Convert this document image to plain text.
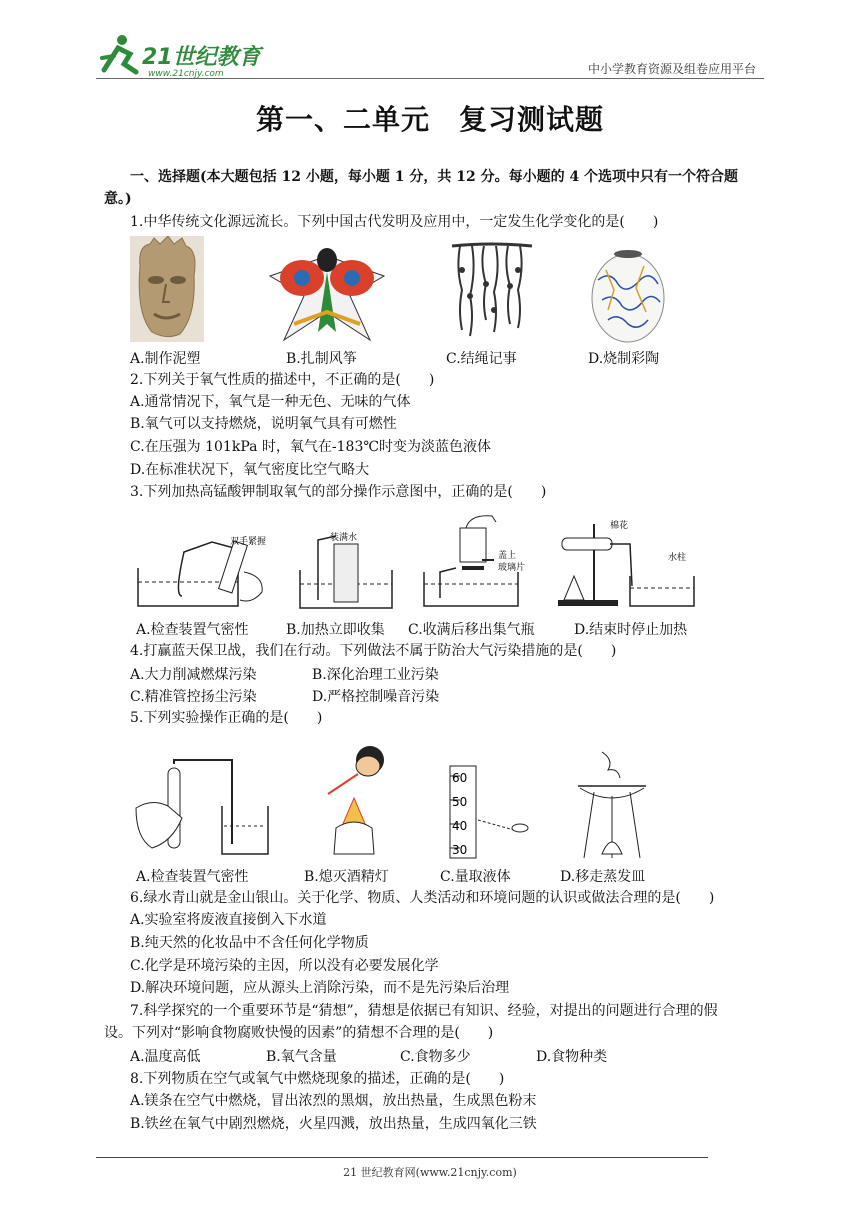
21世纪教育
www.21cnjy.com	中小学教育资源及组卷应用平台
第一、二单元　复习测试题
一、选择题(本大题包括 12 小题，每小题 1 分，共 12 分。每小题的 4 个选项中只有一个符合题
意。)
1.中华传统文化源远流长。下列中国古代发明及应用中，一定发生化学变化的是(　　)
A.制作泥塑	B.扎制风筝	C.结绳记事	D.烧制彩陶
2.下列关于氧气性质的描述中，不正确的是(　　)
A.通常情况下，氧气是一种无色、无味的气体
B.氧气可以支持燃烧，说明氧气具有可燃性
C.在压强为 101kPa 时，氧气在-183℃时变为淡蓝色液体
D.在标准状况下，氧气密度比空气略大
3.下列加热高锰酸钾制取氧气的部分操作示意图中，正确的是(　　)
双手紧握	装满水
盖上
玻璃片
棉花
水柱
A.检查装置气密性	B.加热立即收集 C.收满后移出集气瓶	D.结束时停止加热
4.打赢蓝天保卫战，我们在行动。下列做法不属于防治大气污染措施的是(　　)
A.大力削减燃煤污染	B.深化治理工业污染
C.精准管控扬尘污染	D.严格控制噪音污染
5.下列实验操作正确的是(　　)
60
50
40
30
A.检查装置气密性	B.熄灭酒精灯	C.量取液体	D.移走蒸发皿
6.绿水青山就是金山银山。关于化学、物质、人类活动和环境问题的认识或做法合理的是(　　)
A.实验室将废液直接倒入下水道
B.纯天然的化妆品中不含任何化学物质
C.化学是环境污染的主因，所以没有必要发展化学
D.解决环境问题，应从源头上消除污染，而不是先污染后治理
7.科学探究的一个重要环节是“猜想”，猜想是依据已有知识、经验，对提出的问题进行合理的假
设。下列对“影响食物腐败快慢的因素”的猜想不合理的是(　　)
A.温度高低	B.氧气含量	C.食物多少	D.食物种类
8.下列物质在空气或氧气中燃烧现象的描述，正确的是(　　)
A.镁条在空气中燃烧，冒出浓烈的黑烟，放出热量，生成黑色粉末
B.铁丝在氧气中剧烈燃烧，火星四溅，放出热量，生成四氧化三铁
21 世纪教育网(www.21cnjy.com)
